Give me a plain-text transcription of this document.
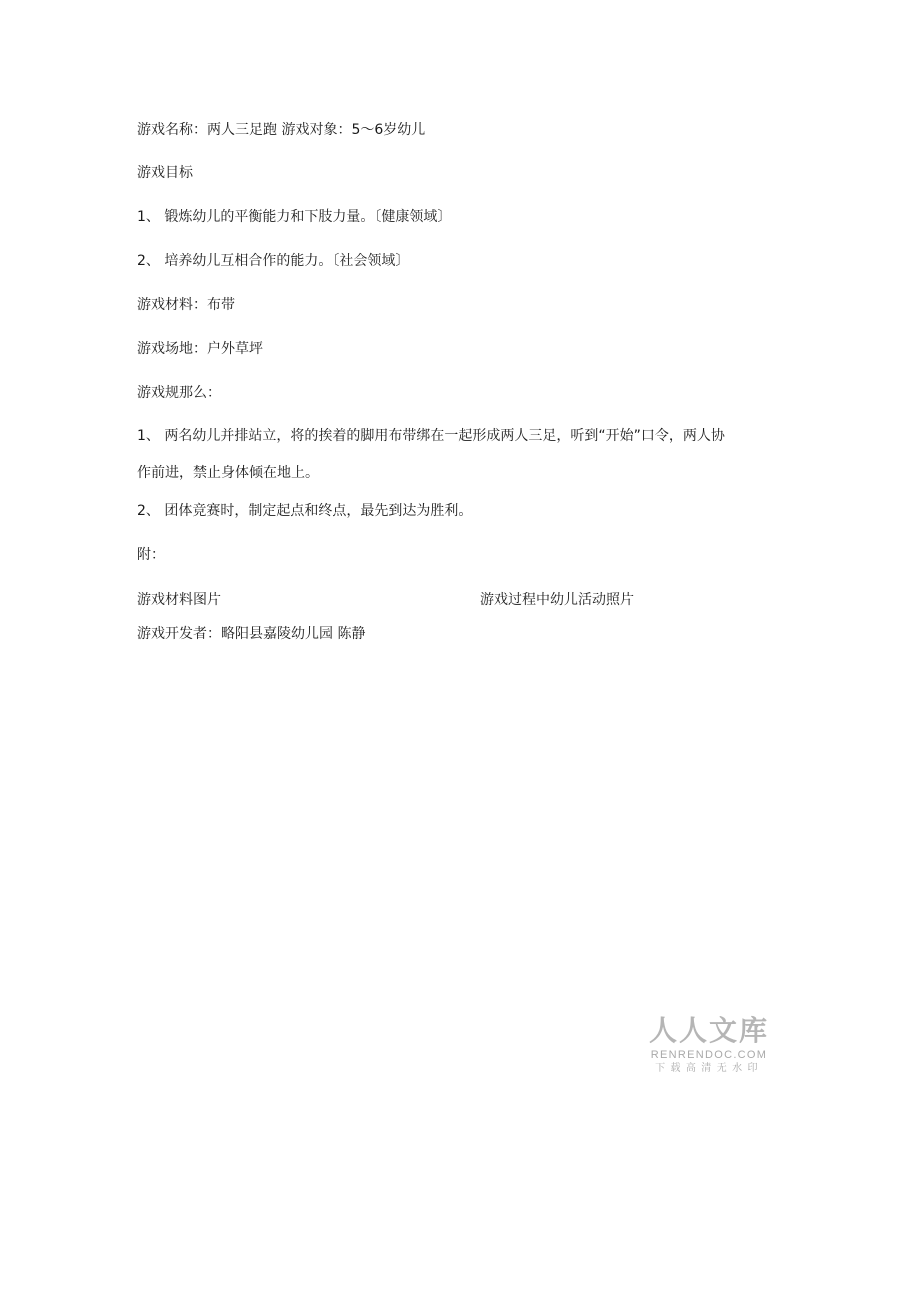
游戏名称：两人三足跑 游戏对象：5～6岁幼儿
游戏目标
1、 锻炼幼儿的平衡能力和下肢力量。〔健康领域〕
2、 培养幼儿互相合作的能力。〔社会领域〕
游戏材料：布带
游戏场地：户外草坪
游戏规那么：
1、 两名幼儿并排站立，将的挨着的脚用布带绑在一起形成两人三足，听到“开始”口令，两人协作前进，禁止身体倾在地上。
2、 团体竞赛时，制定起点和终点，最先到达为胜利。
附：
游戏材料图片	游戏过程中幼儿活动照片
游戏开发者：略阳县嘉陵幼儿园 陈静
人人文库
RENRENDOC.COM
下载高清无水印
